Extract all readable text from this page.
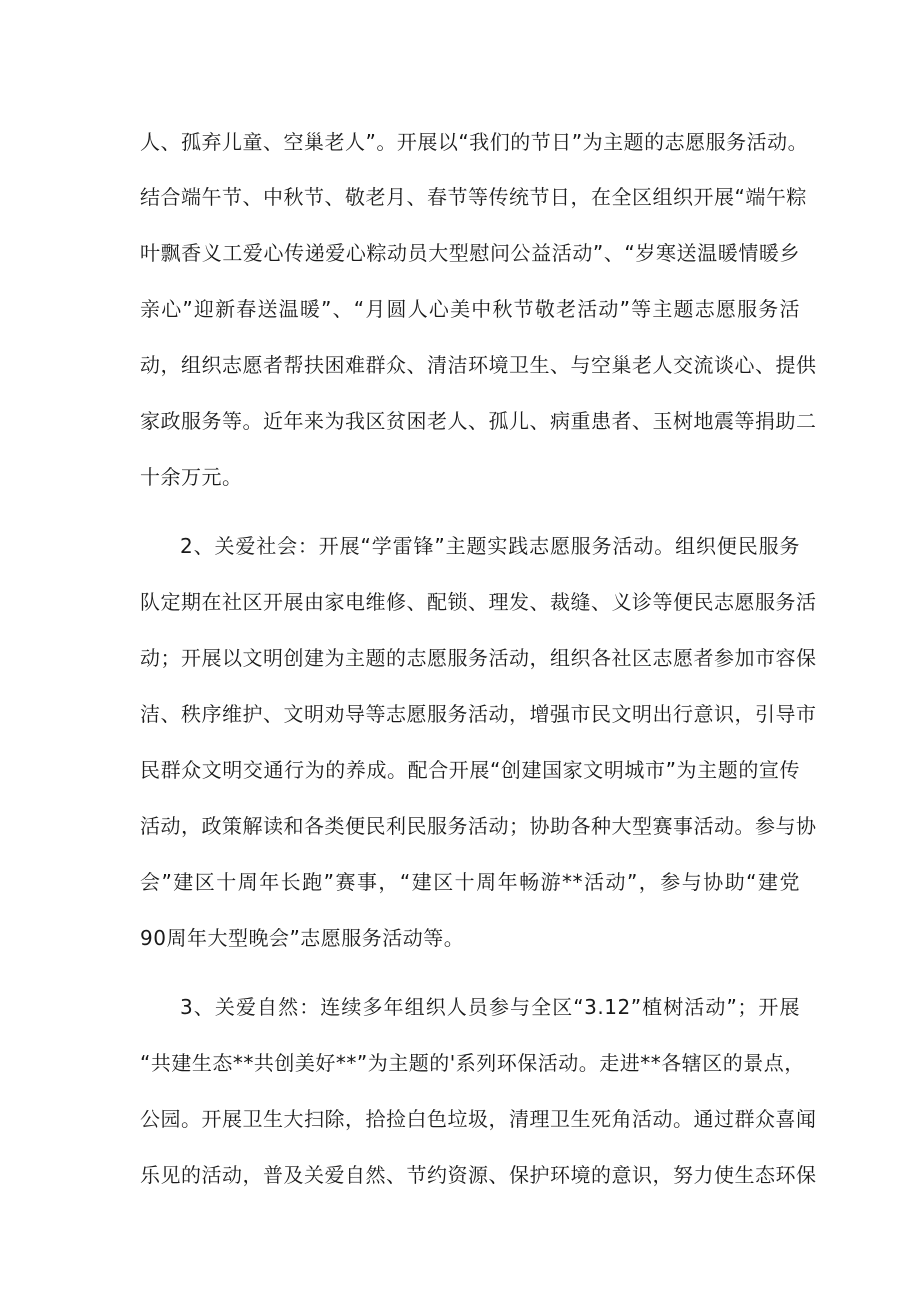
人、孤弃儿童、空巢老人”。开展以“我们的节日”为主题的志愿服务活动。
结合端午节、中秋节、敬老月、春节等传统节日，在全区组织开展“端午粽
叶飘香义工爱心传递爱心粽动员大型慰问公益活动”、“岁寒送温暖情暖乡
亲心”迎新春送温暖”、“月圆人心美中秋节敬老活动”等主题志愿服务活
动，组织志愿者帮扶困难群众、清洁环境卫生、与空巢老人交流谈心、提供
家政服务等。近年来为我区贫困老人、孤儿、病重患者、玉树地震等捐助二
十余万元。
2、关爱社会：开展“学雷锋”主题实践志愿服务活动。组织便民服务
队定期在社区开展由家电维修、配锁、理发、裁缝、义诊等便民志愿服务活
动；开展以文明创建为主题的志愿服务活动，组织各社区志愿者参加市容保
洁、秩序维护、文明劝导等志愿服务活动，增强市民文明出行意识，引导市
民群众文明交通行为的养成。配合开展“创建国家文明城市”为主题的宣传
活动，政策解读和各类便民利民服务活动；协助各种大型赛事活动。参与协
会”建区十周年长跑”赛事，“建区十周年畅游**活动”，参与协助“建党
90周年大型晚会”志愿服务活动等。
3、关爱自然：连续多年组织人员参与全区“3.12”植树活动”；开展
“共建生态**共创美好**”为主题的'系列环保活动。走进**各辖区的景点，
公园。开展卫生大扫除，拾捡白色垃圾，清理卫生死角活动。通过群众喜闻
乐见的活动，普及关爱自然、节约资源、保护环境的意识，努力使生态环保
